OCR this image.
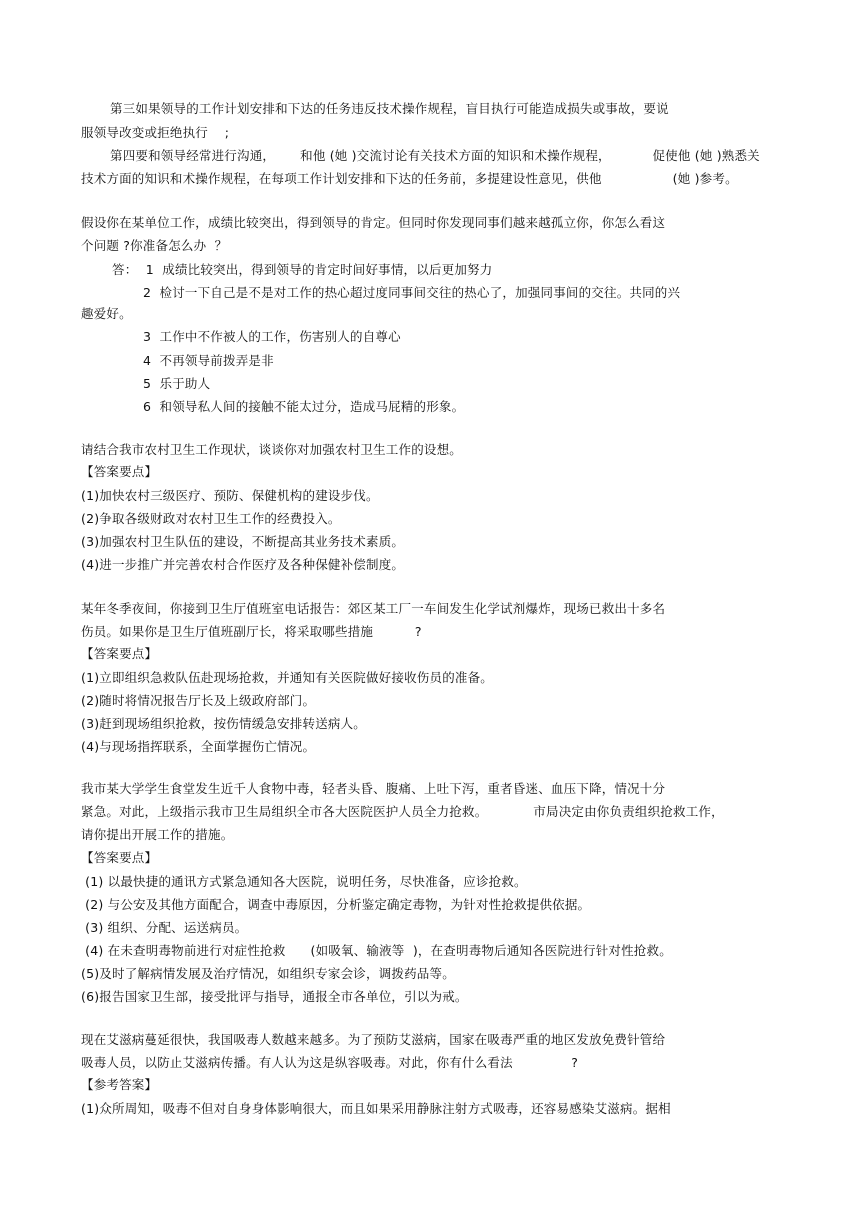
第三如果领导的工作计划安排和下达的任务违反技术操作规程，盲目执行可能造成损失或事故，要说
服领导改变或拒绝执行    ;
第四要和领导经常进行沟通，      和他 (她 )交流讨论有关技术方面的知识和术操作规程，          促使他 (她 )熟悉关
技术方面的知识和术操作规程，在每项工作计划安排和下达的任务前，多提建设性意见，供他                 (她 )参考。
假设你在某单位工作，成绩比较突出，得到领导的肯定。但同时你发现同事们越来越孤立你，你怎么看这
个问题 ?你准备怎么办  ？
答：  1  成绩比较突出，得到领导的肯定时间好事情，以后更加努力
2  检讨一下自己是不是对工作的热心超过度同事间交往的热心了，加强同事间的交往。共同的兴
趣爱好。
3  工作中不作被人的工作，伤害别人的自尊心
4  不再领导前拨弄是非
5  乐于助人
6  和领导私人间的接触不能太过分，造成马屁精的形象。
请结合我市农村卫生工作现状，谈谈你对加强农村卫生工作的设想。
【答案要点】
(1)加快农村三级医疗、预防、保健机构的建设步伐。
(2)争取各级财政对农村卫生工作的经费投入。
(3)加强农村卫生队伍的建设，不断提高其业务技术素质。
(4)进一步推广并完善农村合作医疗及各种保健补偿制度。
某年冬季夜间，你接到卫生厅值班室电话报告：郊区某工厂一车间发生化学试剂爆炸，现场已救出十多名
伤员。如果你是卫生厅值班副厅长，将采取哪些措施          ?
【答案要点】
(1)立即组织急救队伍赴现场抢救，并通知有关医院做好接收伤员的准备。
(2)随时将情况报告厅长及上级政府部门。
(3)赶到现场组织抢救，按伤情缓急安排转送病人。
(4)与现场指挥联系，全面掌握伤亡情况。
我市某大学学生食堂发生近千人食物中毒，轻者头昏、腹痛、上吐下泻，重者昏迷、血压下降，情况十分
紧急。对此，上级指示我市卫生局组织全市各大医院医护人员全力抢救。           市局决定由你负责组织抢救工作，
请你提出开展工作的措施。
【答案要点】
(1) 以最快捷的通讯方式紧急通知各大医院，说明任务，尽快准备，应诊抢救。
(2) 与公安及其他方面配合，调查中毒原因，分析鉴定确定毒物，为针对性抢救提供依据。
(3) 组织、分配、运送病员。
(4) 在未查明毒物前进行对症性抢救      (如吸氧、输液等  )，在查明毒物后通知各医院进行针对性抢救。
(5)及时了解病情发展及治疗情况，如组织专家会诊，调拨药品等。
(6)报告国家卫生部，接受批评与指导，通报全市各单位，引以为戒。
现在艾滋病蔓延很快，我国吸毒人数越来越多。为了预防艾滋病，国家在吸毒严重的地区发放免费针管给
吸毒人员，以防止艾滋病传播。有人认为这是纵容吸毒。对此，你有什么看法              ?
【参考答案】
(1)众所周知，吸毒不但对自身身体影响很大，而且如果采用静脉注射方式吸毒，还容易感染艾滋病。据相
